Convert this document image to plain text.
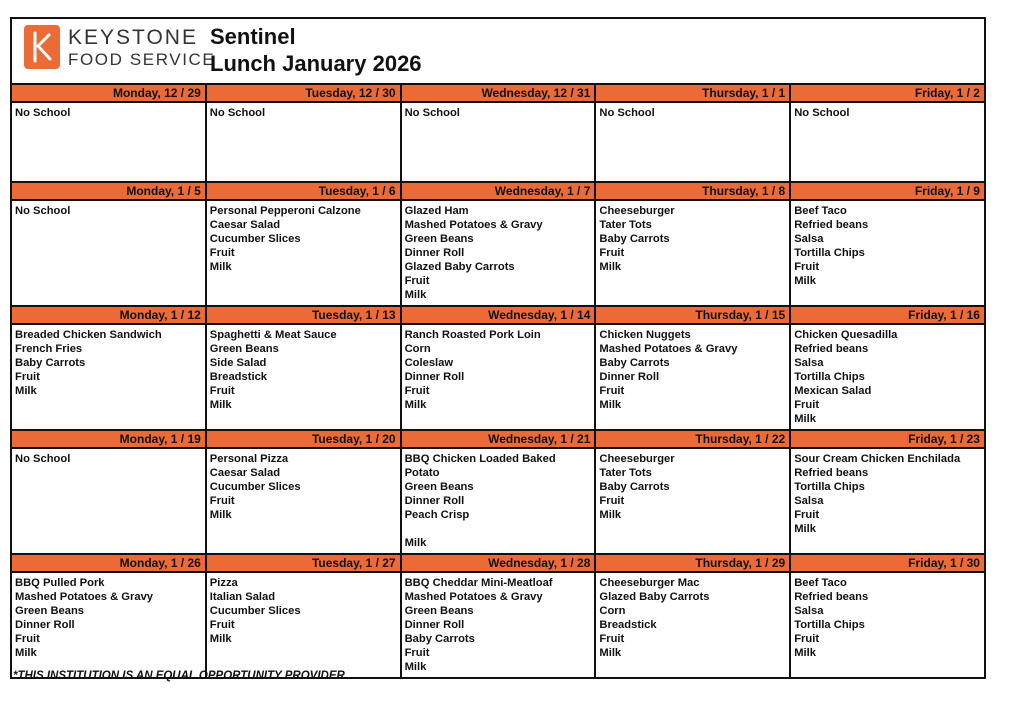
KEYSTONE
FOOD SERVICE
Sentinel
Lunch January 2026
Monday, 12 / 29
No School
Tuesday, 12 / 30
No School
Wednesday, 12 / 31
No School
Thursday, 1 / 1
No School
Friday, 1 / 2
No School
Monday, 1 / 5
No School
Tuesday, 1 / 6
Personal Pepperoni Calzone
Caesar Salad
Cucumber Slices
Fruit
Milk
Wednesday, 1 / 7
Glazed Ham
Mashed Potatoes & Gravy
Green Beans
Dinner Roll
Glazed Baby Carrots
Fruit
Milk
Thursday, 1 / 8
Cheeseburger
Tater Tots
Baby Carrots
Fruit
Milk
Friday, 1 / 9
Beef Taco
Refried beans
Salsa
Tortilla Chips
Fruit
Milk
Monday, 1 / 12
Breaded Chicken Sandwich
French Fries
Baby Carrots
Fruit
Milk
Tuesday, 1 / 13
Spaghetti & Meat Sauce
Green Beans
Side Salad
Breadstick
Fruit
Milk
Wednesday, 1 / 14
Ranch Roasted Pork Loin
Corn
Coleslaw
Dinner Roll
Fruit
Milk
Thursday, 1 / 15
Chicken Nuggets
Mashed Potatoes & Gravy
Baby Carrots
Dinner Roll
Fruit
Milk
Friday, 1 / 16
Chicken Quesadilla
Refried beans
Salsa
Tortilla Chips
Mexican Salad
Fruit
Milk
Monday, 1 / 19
No School
Tuesday, 1 / 20
Personal Pizza
Caesar Salad
Cucumber Slices
Fruit
Milk
Wednesday, 1 / 21
BBQ Chicken Loaded Baked
Potato
Green Beans
Dinner Roll
Peach Crisp
Milk
Thursday, 1 / 22
Cheeseburger
Tater Tots
Baby Carrots
Fruit
Milk
Friday, 1 / 23
Sour Cream Chicken Enchilada
Refried beans
Tortilla Chips
Salsa
Fruit
Milk
Monday, 1 / 26
BBQ Pulled Pork
Mashed Potatoes & Gravy
Green Beans
Dinner Roll
Fruit
Milk
Tuesday, 1 / 27
Pizza
Italian Salad
Cucumber Slices
Fruit
Milk
Wednesday, 1 / 28
BBQ Cheddar Mini-Meatloaf
Mashed Potatoes & Gravy
Green Beans
Dinner Roll
Baby Carrots
Fruit
Milk
Thursday, 1 / 29
Cheeseburger Mac
Glazed Baby Carrots
Corn
Breadstick
Fruit
Milk
Friday, 1 / 30
Beef Taco
Refried beans
Salsa
Tortilla Chips
Fruit
Milk
*THIS INSTITUTION IS AN EQUAL OPPORTUNITY PROVIDER
